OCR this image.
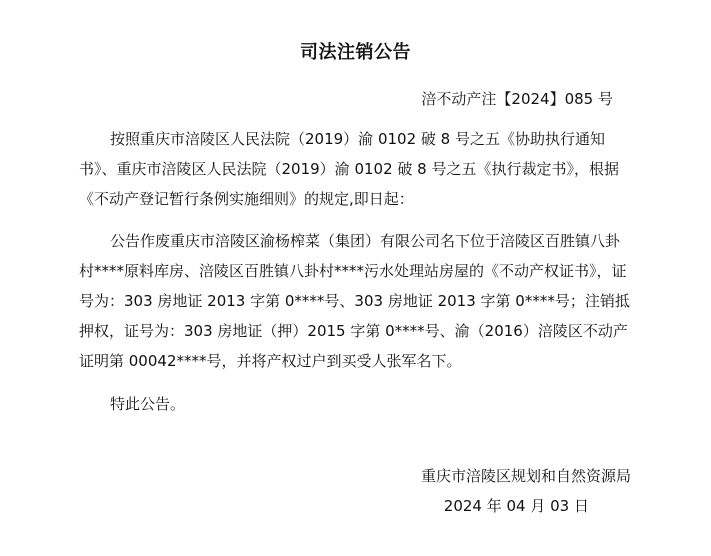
司法注销公告
涪不动产注【2024】085 号
按照重庆市涪陵区人民法院（2019）渝 0102 破 8 号之五《协助执行通知书》、重庆市涪陵区人民法院（2019）渝 0102 破 8 号之五《执行裁定书》，根据《不动产登记暂行条例实施细则》的规定,即日起：
公告作废重庆市涪陵区渝杨榨菜（集团）有限公司名下位于涪陵区百胜镇八卦村****原料库房、涪陵区百胜镇八卦村****污水处理站房屋的《不动产权证书》，证号为：303 房地证 2013 字第 0****号、303 房地证 2013 字第 0****号；注销抵押权，证号为：303 房地证（押）2015 字第 0****号、渝（2016）涪陵区不动产证明第 00042****号，并将产权过户到买受人张军名下。
特此公告。
重庆市涪陵区规划和自然资源局
2024 年 04 月 03 日
